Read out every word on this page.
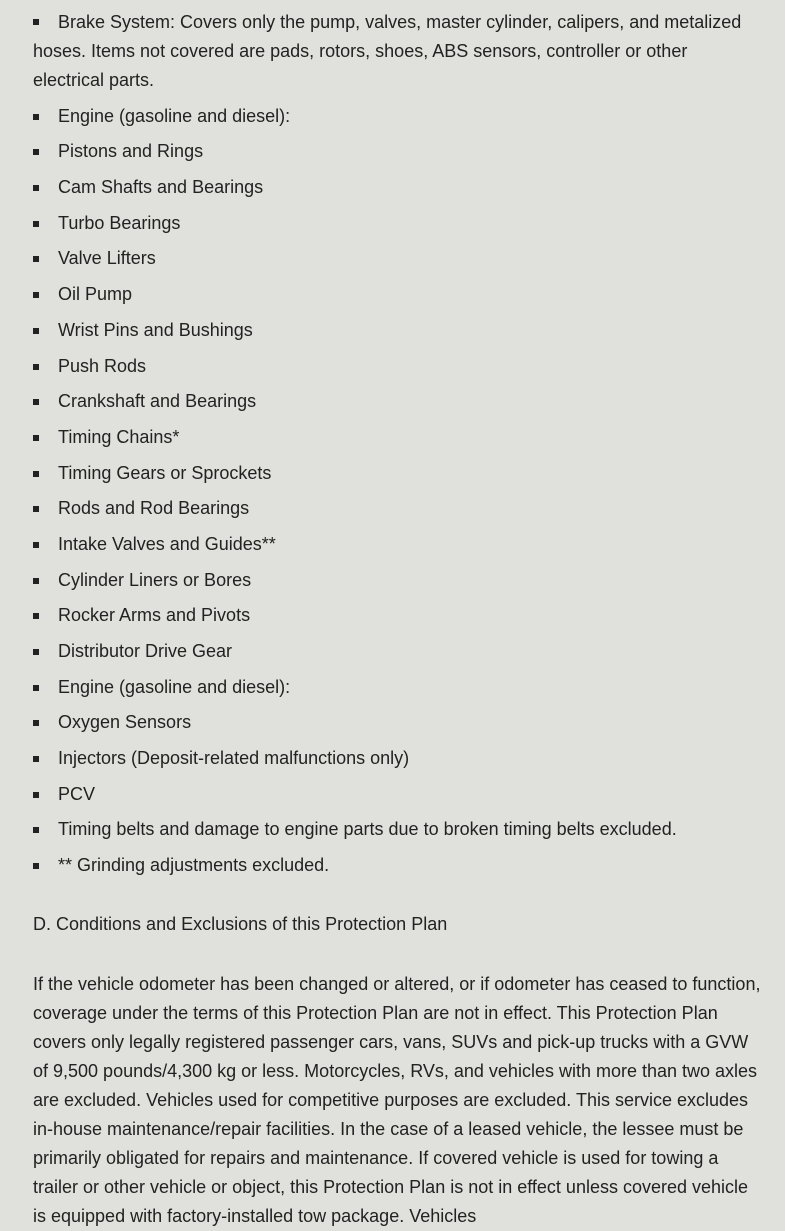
Brake System: Covers only the pump, valves, master cylinder, calipers, and metalized hoses. Items not covered are pads, rotors, shoes, ABS sensors, controller or other electrical parts.
Engine (gasoline and diesel):
Pistons and Rings
Cam Shafts and Bearings
Turbo Bearings
Valve Lifters
Oil Pump
Wrist Pins and Bushings
Push Rods
Crankshaft and Bearings
Timing Chains*
Timing Gears or Sprockets
Rods and Rod Bearings
Intake Valves and Guides**
Cylinder Liners or Bores
Rocker Arms and Pivots
Distributor Drive Gear
Engine (gasoline and diesel):
Oxygen Sensors
Injectors (Deposit-related malfunctions only)
PCV
Timing belts and damage to engine parts due to broken timing belts excluded.
** Grinding adjustments excluded.
D. Conditions and Exclusions of this Protection Plan

If the vehicle odometer has been changed or altered, or if odometer has ceased to function, coverage under the terms of this Protection Plan are not in effect. This Protection Plan covers only legally registered passenger cars, vans, SUVs and pick-up trucks with a GVW of 9,500 pounds/4,300 kg or less. Motorcycles, RVs, and vehicles with more than two axles are excluded. Vehicles used for competitive purposes are excluded. This service excludes in-house maintenance/repair facilities. In the case of a leased vehicle, the lessee must be primarily obligated for repairs and maintenance. If covered vehicle is used for towing a trailer or other vehicle or object, this Protection Plan is not in effect unless covered vehicle is equipped with factory-installed tow package. Vehicles
